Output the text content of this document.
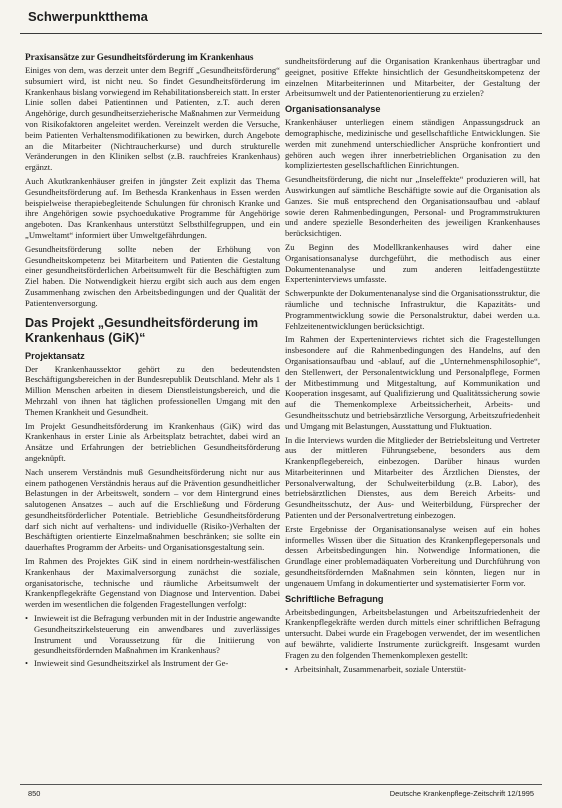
Schwerpunktthema
Praxisansätze zur Gesundheitsförderung im Krankenhaus

Einiges von dem, was derzeit unter dem Begriff „Gesundheitsförderung“ subsumiert wird, ist nicht neu. So findet Gesundheitsförderung im Krankenhaus bislang vorwiegend im Rehabilitationsbereich statt. In erster Linie sollen dabei Patientinnen und Patienten, z.T. auch deren Angehörige, durch gesundheitserzieherische Maßnahmen zur Vermeidung von Risikofaktoren angeleitet werden. Vereinzelt werden die Versuche, beim Patienten Verhaltensmodifikationen zu bewirken, durch Angebote an die Mitarbeiter (Nichtraucherkurse) und durch strukturelle Veränderungen in den Kliniken selbst (z.B. rauchfreies Krankenhaus) ergänzt.

Auch Akutkrankenhäuser greifen in jüngster Zeit explizit das Thema Gesundheitsförderung auf. Im Bethesda Krankenhaus in Essen werden beispielweise therapiebegleitende Schulungen für chronisch Kranke und ihre Angehörigen sowie psychoedukative Programme für Angehörige angeboten. Das Krankenhaus unterstützt Selbsthilfegruppen, und ein „Umweltamt“ informiert über Umweltgefährdungen.

Gesundheitsförderung sollte neben der Erhöhung von Gesundheitskompetenz bei Mitarbeitern und Patienten die Gestaltung einer gesundheitsförderlichen Arbeitsumwelt für die Beschäftigten zum Ziel haben. Die Notwendigkeit hierzu ergibt sich auch aus dem engen Zusammenhang zwischen den Arbeitsbedingungen und der Qualität der Patientenversorgung.

Das Projekt „Gesundheitsförderung im Krankenhaus (GiK)“
Projektansatz

Der Krankenhaussektor gehört zu den bedeutendsten Beschäftigungsbereichen in der Bundesrepublik Deutschland. Mehr als 1 Million Menschen arbeiten in diesem Dienstleistungsbereich, und die Mehrzahl von ihnen hat täglichen professionellen Umgang mit den Themen Krankheit und Gesundheit.

Im Projekt Gesundheitsförderung im Krankenhaus (GiK) wird das Krankenhaus in erster Linie als Arbeitsplatz betrachtet, dabei wird an Ansätze und Erfahrungen der betrieblichen Gesundheitsförderung angeknüpft.

Nach unserem Verständnis muß Gesundheitsförderung nicht nur aus einem pathogenen Verständnis heraus auf die Prävention gesundheitlicher Belastungen in der Arbeitswelt, sondern – vor dem Hintergrund eines salutogenen Ansatzes – auch auf die Erschließung und Förderung gesundheitsförderlicher Potentiale. Betriebliche Gesundheitsförderung darf sich nicht auf verhaltens- und individuelle (Risiko-)Verhalten der Beschäftigten orientierte Einzelmaßnahmen beschränken; sie sollte ein dauerhaftes Programm der Arbeits- und Organisationsgestaltung sein.

Im Rahmen des Projektes GiK sind in einem nordrhein-westfälischen Krankenhaus der Maximalversorgung zunächst die soziale, organisatorische, technische und räumliche Arbeitsumwelt der Krankenpflegekräfte Gegenstand von Diagnose und Intervention. Dabei werden im wesentlichen die folgenden Fragestellungen verfolgt:

• Inwieweit ist die Befragung verbunden mit in der Industrie angewandte Gesundheitszirkelsteuerung ein anwendbares und zuverlässiges Instrument und Voraussetzung für die Initiierung von gesundheitsfördernden Maßnahmen im Krankenhaus?
• Inwieweit sind Gesundheitszirkel als Instrument der Ge-

sundheitsförderung auf die Organisation Krankenhaus übertragbar und geeignet, positive Effekte hinsichtlich der Gesundheitskompetenz der einzelnen Mitarbeiterinnen und Mitarbeiter, der Gestaltung der Arbeitsumwelt und der Patientenorientierung zu erzielen?

Organisationsanalyse

Krankenhäuser unterliegen einem ständigen Anpassungsdruck an demographische, medizinische und gesellschaftliche Entwicklungen. Sie werden mit zunehmend unterschiedlicher Ansprüche konfrontiert und gehören auch wegen ihrer innerbetrieblichen Organisation zu den kompliziertesten gesellschaftlichen Einrichtungen.

Gesundheitsförderung, die nicht nur „Inseleffekte“ produzieren will, hat Auswirkungen auf sämtliche Beschäftigte sowie auf die Organisation als Ganzes. Sie muß entsprechend den Organisationsaufbau und -ablauf sowie deren Rahmenbedingungen, Personal- und Programmstrukturen und andere spezielle Besonderheiten des jeweiligen Krankenhauses berücksichtigen.

Zu Beginn des Modellkrankenhauses wird daher eine Organisationsanalyse durchgeführt, die methodisch aus einer Dokumentenanalyse und zum anderen leitfadengestützte Experteninterviews umfasste.

Schwerpunkte der Dokumentenanalyse sind die Organisationsstruktur, die räumliche und technische Infrastruktur, die Kapazitäts- und Programmentwicklung sowie die Personalstruktur, dabei werden u.a. Fehlzeitenentwicklungen berücksichtigt.

Im Rahmen der Experteninterviews richtet sich die Fragestellungen insbesondere auf die Rahmenbedingungen des Handelns, auf den Organisationsaufbau und -ablauf, auf die „Unternehmensphilosophie“, den Stellenwert, der Personalentwicklung und Personalpflege, Formen der Mitbestimmung und Mitgestaltung, auf Kommunikation und Kooperation insgesamt, auf Qualifizierung und Qualitätssicherung sowie auf die Themenkomplexe Arbeitssicherheit, Arbeits- und Gesundheitsschutz und betriebsärztliche Versorgung, Arbeitszufriedenheit und Umgang mit Belastungen, Ausstattung und Fluktuation.

In die Interviews wurden die Mitglieder der Betriebsleitung und Vertreter aus der mittleren Führungsebene, besonders aus dem Krankenpflegebereich, einbezogen. Darüber hinaus wurden Mitarbeiterinnen und Mitarbeiter des Ärztlichen Dienstes, der Personalverwaltung, der Schulweiterbildung (z.B. Labor), des betriebsärztlichen Dienstes, aus dem Bereich Arbeits- und Gesundheitsschutz, der Aus- und Weiterbildung, Fürsprecher der Patienten und der Personalvertretung einbezogen.

Erste Ergebnisse der Organisationsanalyse weisen auf ein hohes informelles Wissen über die Situation des Krankenpflegepersonals und dessen Arbeitsbedingungen hin. Notwendige Informationen, die Grundlage einer problemadäquaten Vorbereitung und Durchführung von gesundheitsfördernden Maßnahmen sein könnten, liegen nur in ungenauem Umfang in dokumentierter und systematisierter Form vor.

Schriftliche Befragung

Arbeitsbedingungen, Arbeitsbelastungen und Arbeitszufriedenheit der Krankenpflegekräfte werden durch mittels einer schriftlichen Befragung untersucht. Dabei wurde ein Fragebogen verwendet, der im wesentlichen auf bewährte, validierte Instrumente zurückgreift. Insgesamt wurden Fragen zu den folgenden Themenkomplexen gestellt:

• Arbeitsinhalt, Zusammenarbeit, soziale Unterstüt-
850	Deutsche Krankenpflege-Zeitschrift 12/1995
